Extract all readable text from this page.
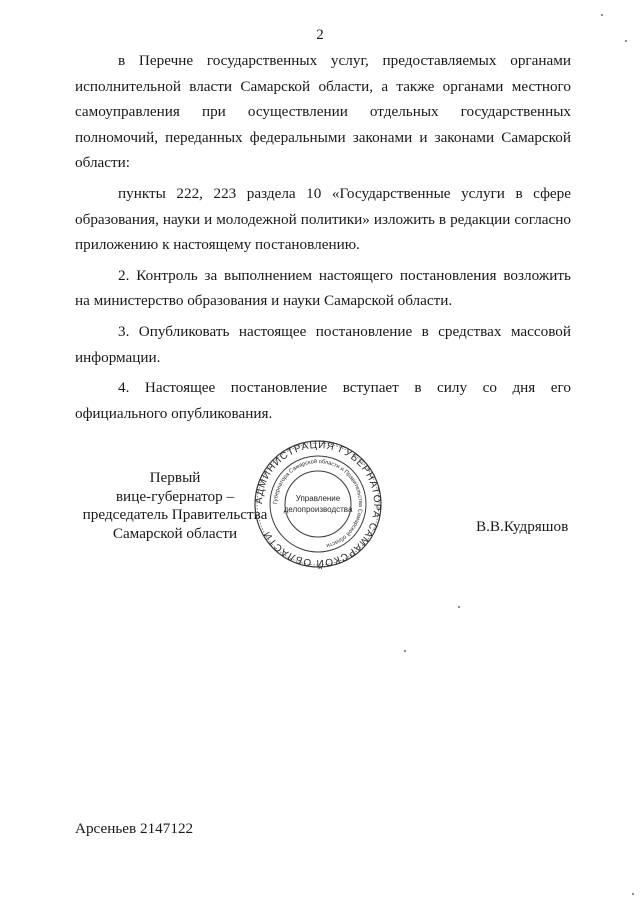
2

в Перечне государственных услуг, предоставляемых органами исполнительной власти Самарской области, а также органами местного самоуправления при осуществлении отдельных государственных полномочий, переданных федеральными законами и законами Самарской области:

пункты 222, 223 раздела 10 «Государственные услуги в сфере образования, науки и молодежной политики» изложить в редакции согласно приложению к настоящему постановлению.

2. Контроль за выполнением настоящего постановления возложить на министерство образования и науки Самарской области.

3. Опубликовать настоящее постановление в средствах массовой информации.

4. Настоящее постановление вступает в силу со дня его официального опубликования.

Первый
вице-губернатор –
председатель Правительства
Самарской области
АДМИНИСТРАЦИЯ ГУБЕРНАТОРА САМАРСКОЙ ОБЛАСТИ
Губернатора Самарской области и Правительства Самарской области
Управление
делопроизводства
В.В.Кудряшов
Арсеньев 2147122
